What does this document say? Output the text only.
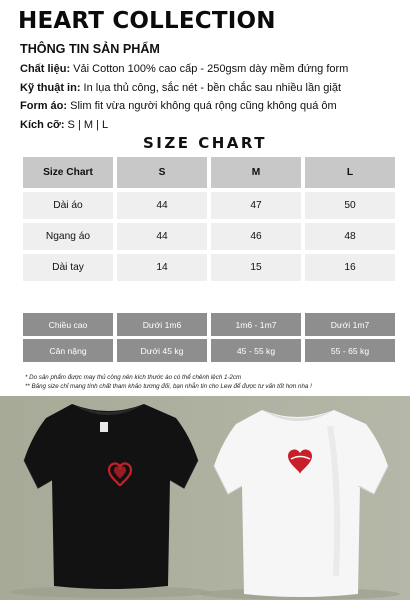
HEART COLLECTION
THÔNG TIN SẢN PHẨM
Chất liệu: Vải Cotton 100% cao cấp - 250gsm dày mềm đứng form
Kỹ thuật in: In lụa thủ công, sắc nét - bền chắc sau nhiều lần giặt
Form áo: Slim fit vừa người không quá rộng cũng không quá ôm
Kích cỡ: S | M | L
SIZE CHART
Size Chart	S	M	L
Dài áo	44	47	50
Ngang áo	44	46	48
Dài tay	14	15	16
Chiều cao	Dưới 1m6	1m6 - 1m7	Dưới 1m7
Cân nặng	Dưới 45 kg	45 - 55 kg	55 - 65 kg
* Do sản phẩm được may thủ công nên kích thước áo có thể chênh lệch 1-2cm
** Bảng size chỉ mang tính chất tham khảo tương đối, bạn nhắn tin cho Lew để được tư vấn tốt hơn nha !
